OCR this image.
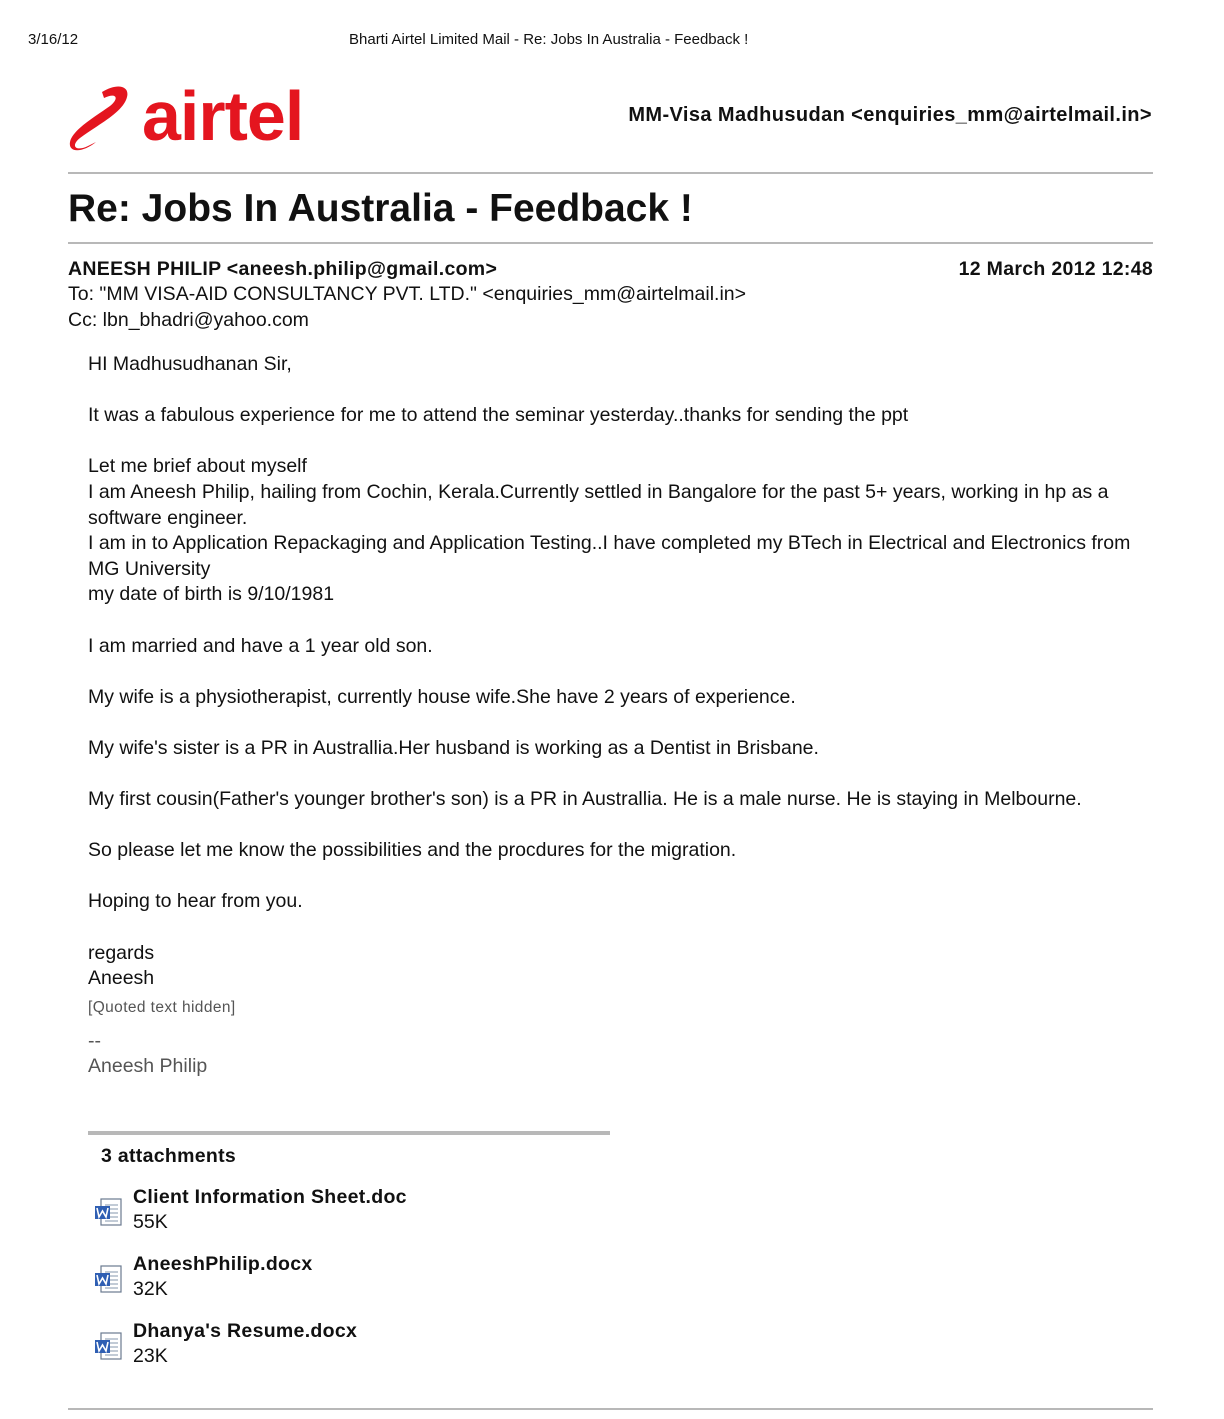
3/16/12	Bharti Airtel Limited Mail - Re: Jobs In Australia - Feedback !
airtel	MM-Visa Madhusudan <enquiries_mm@airtelmail.in>
Re: Jobs In Australia - Feedback !
ANEESH PHILIP <aneesh.philip@gmail.com>	12 March 2012 12:48
To: "MM VISA-AID CONSULTANCY PVT. LTD." <enquiries_mm@airtelmail.in>
Cc: lbn_bhadri@yahoo.com

HI Madhusudhanan Sir,

It was a fabulous experience for me to attend the seminar yesterday..thanks for sending the ppt

Let me brief about myself

I am Aneesh Philip, hailing from Cochin, Kerala.Currently settled in Bangalore for the past 5+ years, working in hp as a software engineer.

I am in to Application Repackaging and Application Testing..I have completed my BTech in Electrical and Electronics from MG University

my date of birth is 9/10/1981

I am married and have a 1 year old son.

My wife is a physiotherapist, currently house wife.She have 2 years of experience.

My wife's sister is a PR in Australlia.Her husband is working as a Dentist in Brisbane.

My first cousin(Father's younger brother's son) is a PR in Australlia. He is a male nurse. He is staying in Melbourne.

So please let me know the possibilities and the procdures for the migration.

Hoping to hear from you.

regards

Aneesh

[Quoted text hidden]

--

Aneesh Philip

3 attachments
Client Information Sheet.doc
55K
AneeshPhilip.docx
32K
Dhanya's Resume.docx
23K
